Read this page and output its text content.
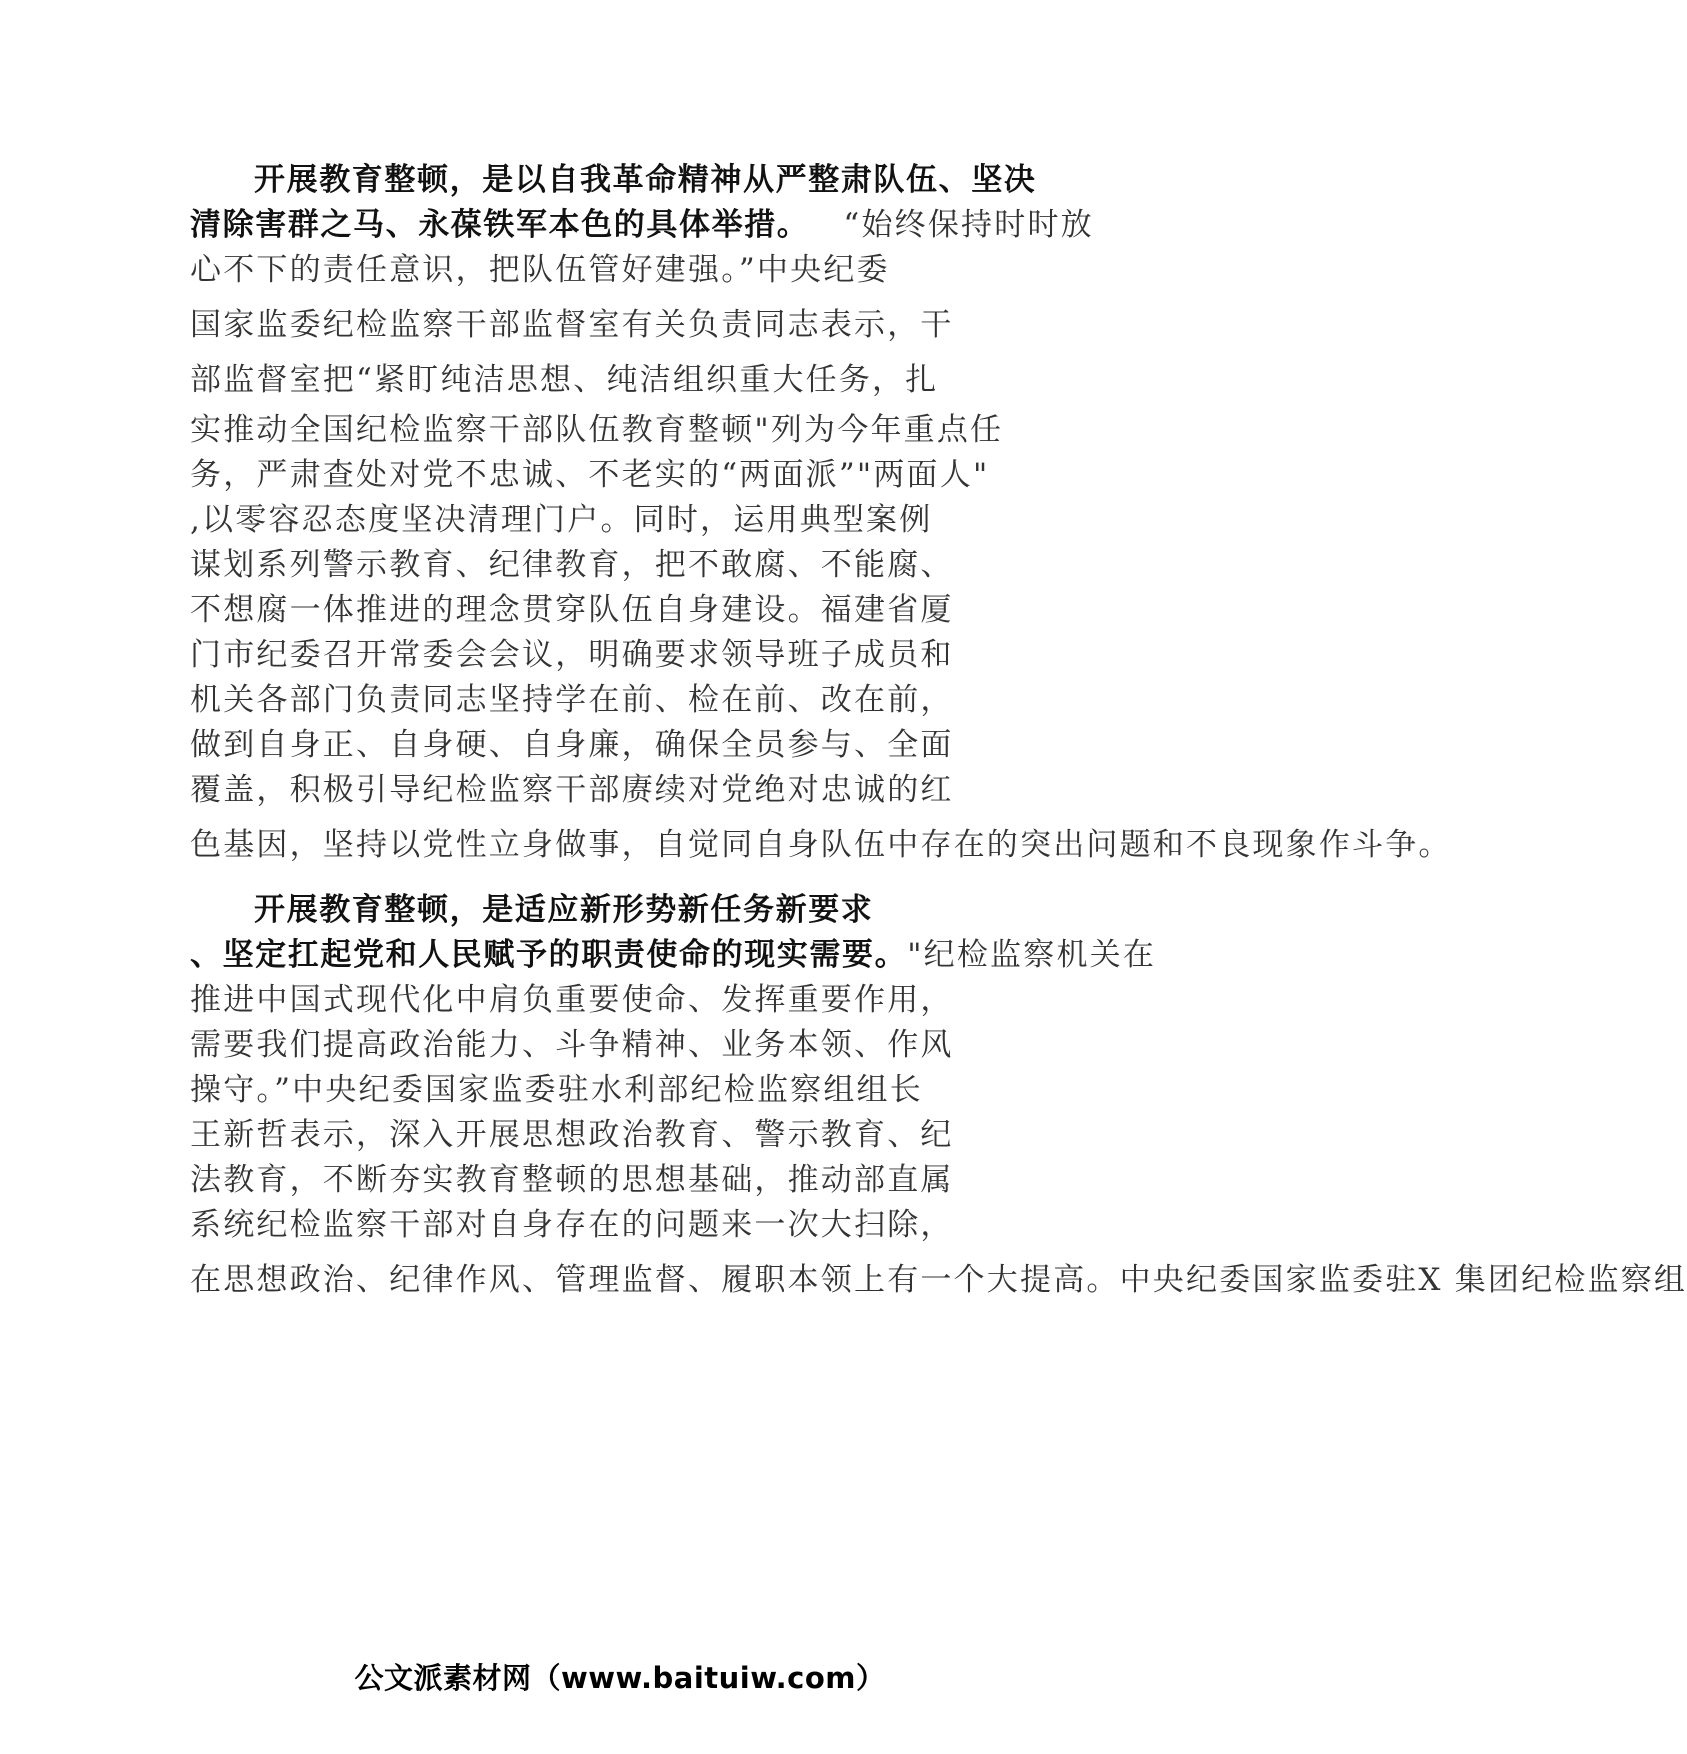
开展教育整顿，是以自我革命精神从严整肃队伍、坚决
清除害群之马、永葆铁军本色的具体举措。 “始终保持时时放
心不下的责任意识，把队伍管好建强。”中央纪委
国家监委纪检监察干部监督室有关负责同志表示，干
部监督室把“紧盯纯洁思想、纯洁组织重大任务，扎
实推动全国纪检监察干部队伍教育整顿"列为今年重点任
务，严肃查处对党不忠诚、不老实的“两面派”"两面人"
,以零容忍态度坚决清理门户。同时，运用典型案例
谋划系列警示教育、纪律教育，把不敢腐、不能腐、
不想腐一体推进的理念贯穿队伍自身建设。福建省厦
门市纪委召开常委会会议，明确要求领导班子成员和
机关各部门负责同志坚持学在前、检在前、改在前，
做到自身正、自身硬、自身廉，确保全员参与、全面
覆盖，积极引导纪检监察干部赓续对党绝对忠诚的红
色基因，坚持以党性立身做事，自觉同自身队伍中存在的突出问题和不良现象作斗争。
开展教育整顿，是适应新形势新任务新要求
、坚定扛起党和人民赋予的职责使命的现实需要。"纪检监察机关在
推进中国式现代化中肩负重要使命、发挥重要作用，
需要我们提高政治能力、斗争精神、业务本领、作风
操守。”中央纪委国家监委驻水利部纪检监察组组长
王新哲表示，深入开展思想政治教育、警示教育、纪
法教育，不断夯实教育整顿的思想基础，推动部直属
系统纪检监察干部对自身存在的问题来一次大扫除，
在思想政治、纪律作风、管理监督、履职本领上有一个大提高。中央纪委国家监委驻X 集团纪检监察组
公文派素材网（www.baituiw.com）
